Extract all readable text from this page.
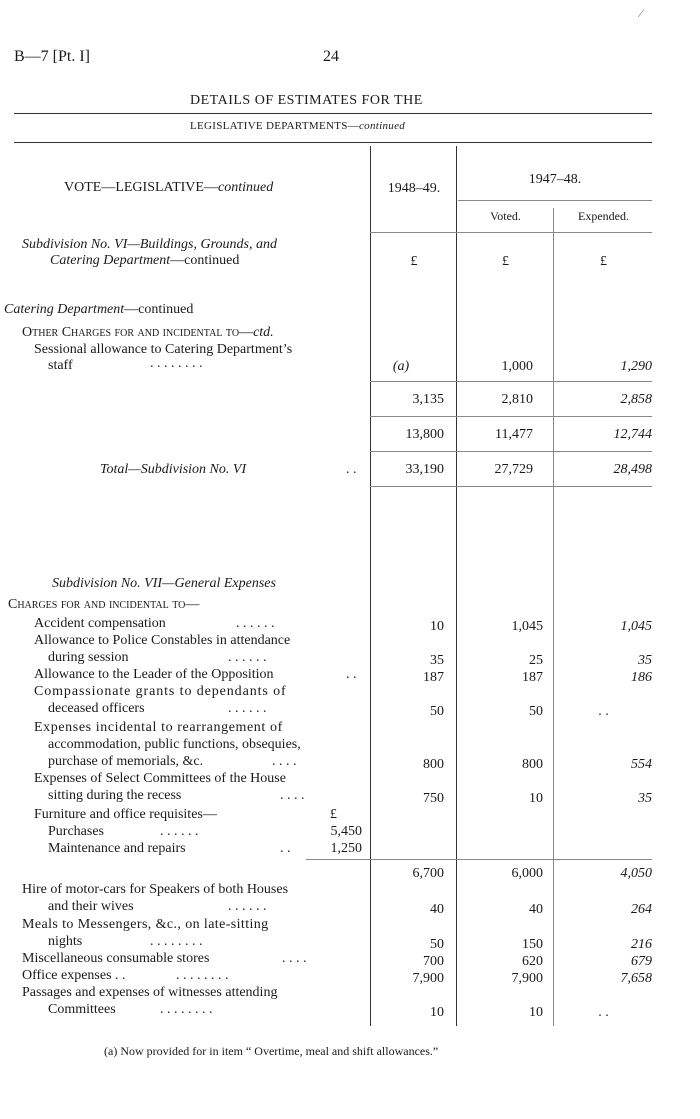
⁄
B—7 [Pt. I]	24
DETAILS OF ESTIMATES FOR THE
LEGISLATIVE DEPARTMENTS—continued
VOTE—LEGISLATIVE—continued	1948–49.
1947–48.
Voted.	Expended.
Subdivision No. VI—Buildings, Grounds, and
Catering Department—continued	£	£	£
Catering Department—continued
Other Charges for and incidental to—ctd.
Sessional allowance to Catering Department’s
staff	. . . . . . . .	(a)	1,000	1,290
3,135	2,810	2,858
13,800	11,477	12,744
Total—Subdivision No. VI	. .	33,190	27,729	28,498
Subdivision No. VII—General Expenses
Charges for and incidental to—
Accident compensation	. . . . . .	10	1,045	1,045
Allowance to Police Constables in attendance
during session	. . . . . .	35	25	35
Allowance to the Leader of the Opposition	. .	187	187	186
Compassionate grants to dependants of
deceased officers	. . . . . .	50	50	. .
Expenses incidental to rearrangement of
accommodation, public functions, obsequies,
purchase of memorials, &c.	. . . .	800	800	554
Expenses of Select Committees of the House
sitting during the recess	. . . .	750	10	35
Furniture and office requisites—	£
Purchases	. . . . . .	5,450
Maintenance and repairs	. .	1,250
6,700	6,000	4,050
Hire of motor-cars for Speakers of both Houses
and their wives	. . . . . .	40	40	264
Meals to Messengers, &c., on late-sitting
nights	. . . . . . . .	50	150	216
Miscellaneous consumable stores	. . . .	700	620	679
Office expenses . .	. . . . . . . .	7,900	7,900	7,658
Passages and expenses of witnesses attending
Committees	. . . . . . . .	10	10	. .
(a) Now provided for in item “ Overtime, meal and shift allowances.”
